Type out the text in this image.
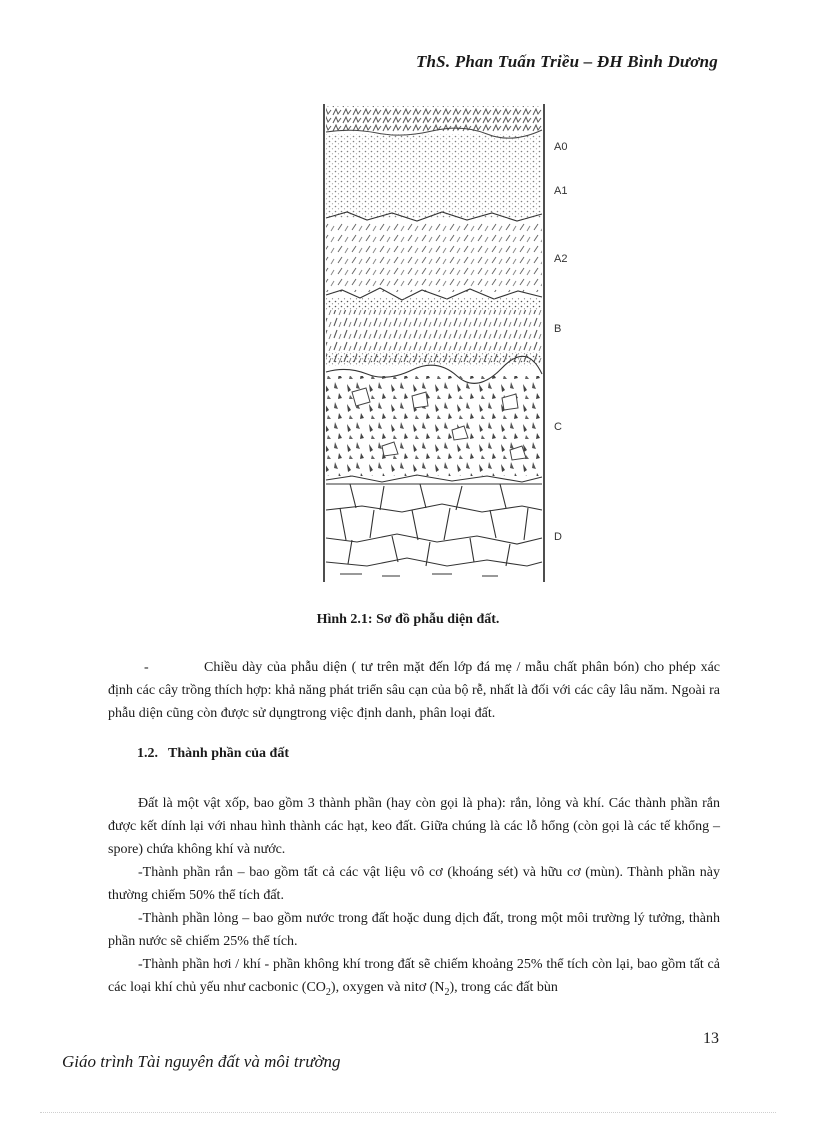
ThS. Phan Tuấn Triều – ĐH Bình Dương
A0
A1
A2
B
C
D
Hình 2.1: Sơ đồ phẫu diện đất.
-	Chiều dày của phẫu diện ( tư trên mặt đến lớp đá mẹ / mẫu chất phân bón) cho phép xác định các cây trồng thích hợp: khả năng phát triển sâu cạn của bộ rễ, nhất là đối với các cây lâu năm. Ngoài ra phẫu diện cũng còn được sử dụngtrong việc định danh, phân loại đất.
1.2. Thành phần của đất
Đất là một vật xốp, bao gồm 3 thành phần (hay còn gọi là pha): rắn, lỏng và khí. Các thành phần rắn được kết dính lại với nhau hình thành các hạt, keo đất. Giữa chúng là các lỗ hổng (còn gọi là các tế khổng – spore) chứa không khí và nước.
-Thành phần rắn – bao gồm tất cả các vật liệu vô cơ (khoáng sét) và hữu cơ (mùn). Thành phần này thường chiếm 50% thể tích đất.
-Thành phần lỏng – bao gồm nước trong đất hoặc dung dịch đất, trong một môi trường lý tưởng, thành phần nước sẽ chiếm 25% thể tích.
-Thành phần hơi / khí - phần không khí trong đất sẽ chiếm khoảng 25% thể tích còn lại, bao gồm tất cả các loại khí chủ yếu như cacbonic $(CO_2)$, oxygen và nitơ $(N_2)$, trong các đất bùn
13
Giáo trình Tài nguyên đất và môi trường
